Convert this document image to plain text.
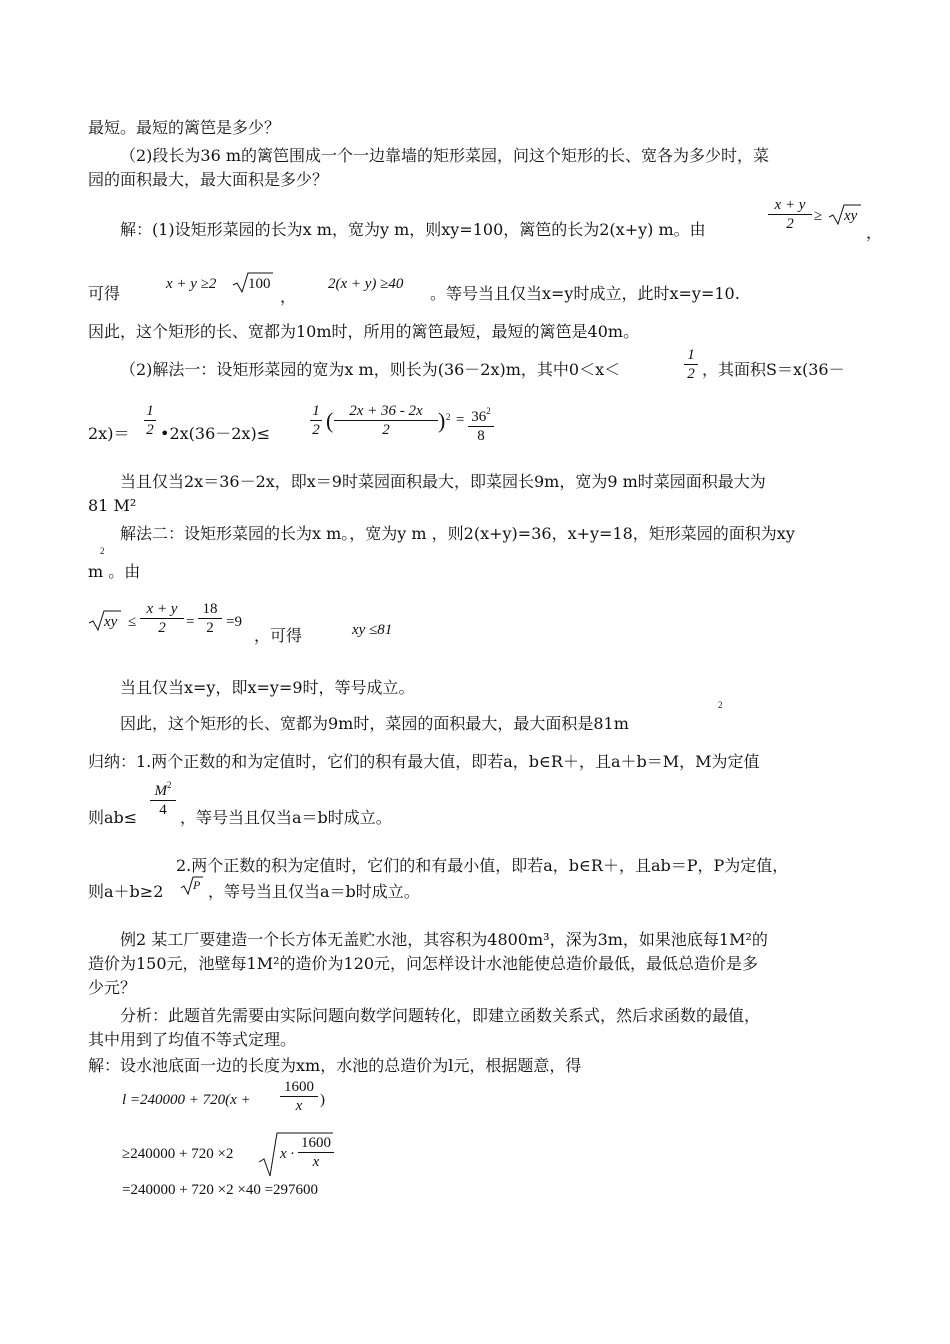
最短。最短的篱笆是多少？
（2)段长为36 m的篱笆围成一个一边靠墙的矩形菜园，问这个矩形的长、宽各为多少时，菜
园的面积最大，最大面积是多少？
解：(1)设矩形菜园的长为x m，宽为y m，则xy=100，篱笆的长为2(x+y) m。由	$\frac{x + y}{2}$ ≥ xy
，
可得	x + y ≥2 100
，
2(x + y) ≥40 。等号当且仅当x=y时成立，此时x=y=10.
因此，这个矩形的长、宽都为10m时，所用的篱笆最短，最短的篱笆是40m。
（2)解法一：设矩形菜园的宽为x m，则长为(36－2x)m，其中0＜x＜	$\frac{1}{2}$ ，其面积S＝x(36－
$2x)= \frac{1}{2}$ •2x(36－2x)≤	$\frac{1}{2}$ ( $\frac{2x + 36 - 2x}{2}$ ) $2 = \frac{36^2}{8}$
当且仅当2x＝36－2x，即x＝9时菜园面积最大，即菜园长9m，宽为9 m时菜园面积最大为
81 M²
解法二：设矩形菜园的长为x m。，宽为y m ，则2(x+y)=36，x+y=18，矩形菜园的面积为xy
2
m 。由
xy ≤ $\frac{x + y}{2} = \frac{18}{2} =9$
，可得	xy ≤81
当且仅当x=y，即x=y=9时，等号成立。
因此，这个矩形的长、宽都为9m时，菜园的面积最大，最大面积是81m
2
归纳：1.两个正数的和为定值时，它们的积有最大值，即若a，b∈R＋，且a＋b＝M，M为定值
则$ab\le \frac{M^2}{4}$ ，等号当且仅当a＝b时成立。
2.两个正数的积为定值时，它们的和有最小值，即若a，b∈R＋，且ab＝P，P为定值，
则a＋b≥2 P ，等号当且仅当a＝b时成立。
例2 某工厂要建造一个长方体无盖贮水池，其容积为4800m³，深为3m，如果池底每1M²的
造价为150元，池壁每1M²的造价为120元，问怎样设计水池能使总造价最低，最低总造价是多
少元？
分析：此题首先需要由实际问题向数学问题转化，即建立函数关系式，然后求函数的最值，
其中用到了均值不等式定理。
解：设水池底面一边的长度为xm，水池的总造价为l元，根据题意，得
$l =240000 + 720(x + \frac{1600}{x}$ )
≥240000 + 720 ×2	$x \cdot \frac{1600}{x}$
=240000 + 720 ×2 ×40 =297600
